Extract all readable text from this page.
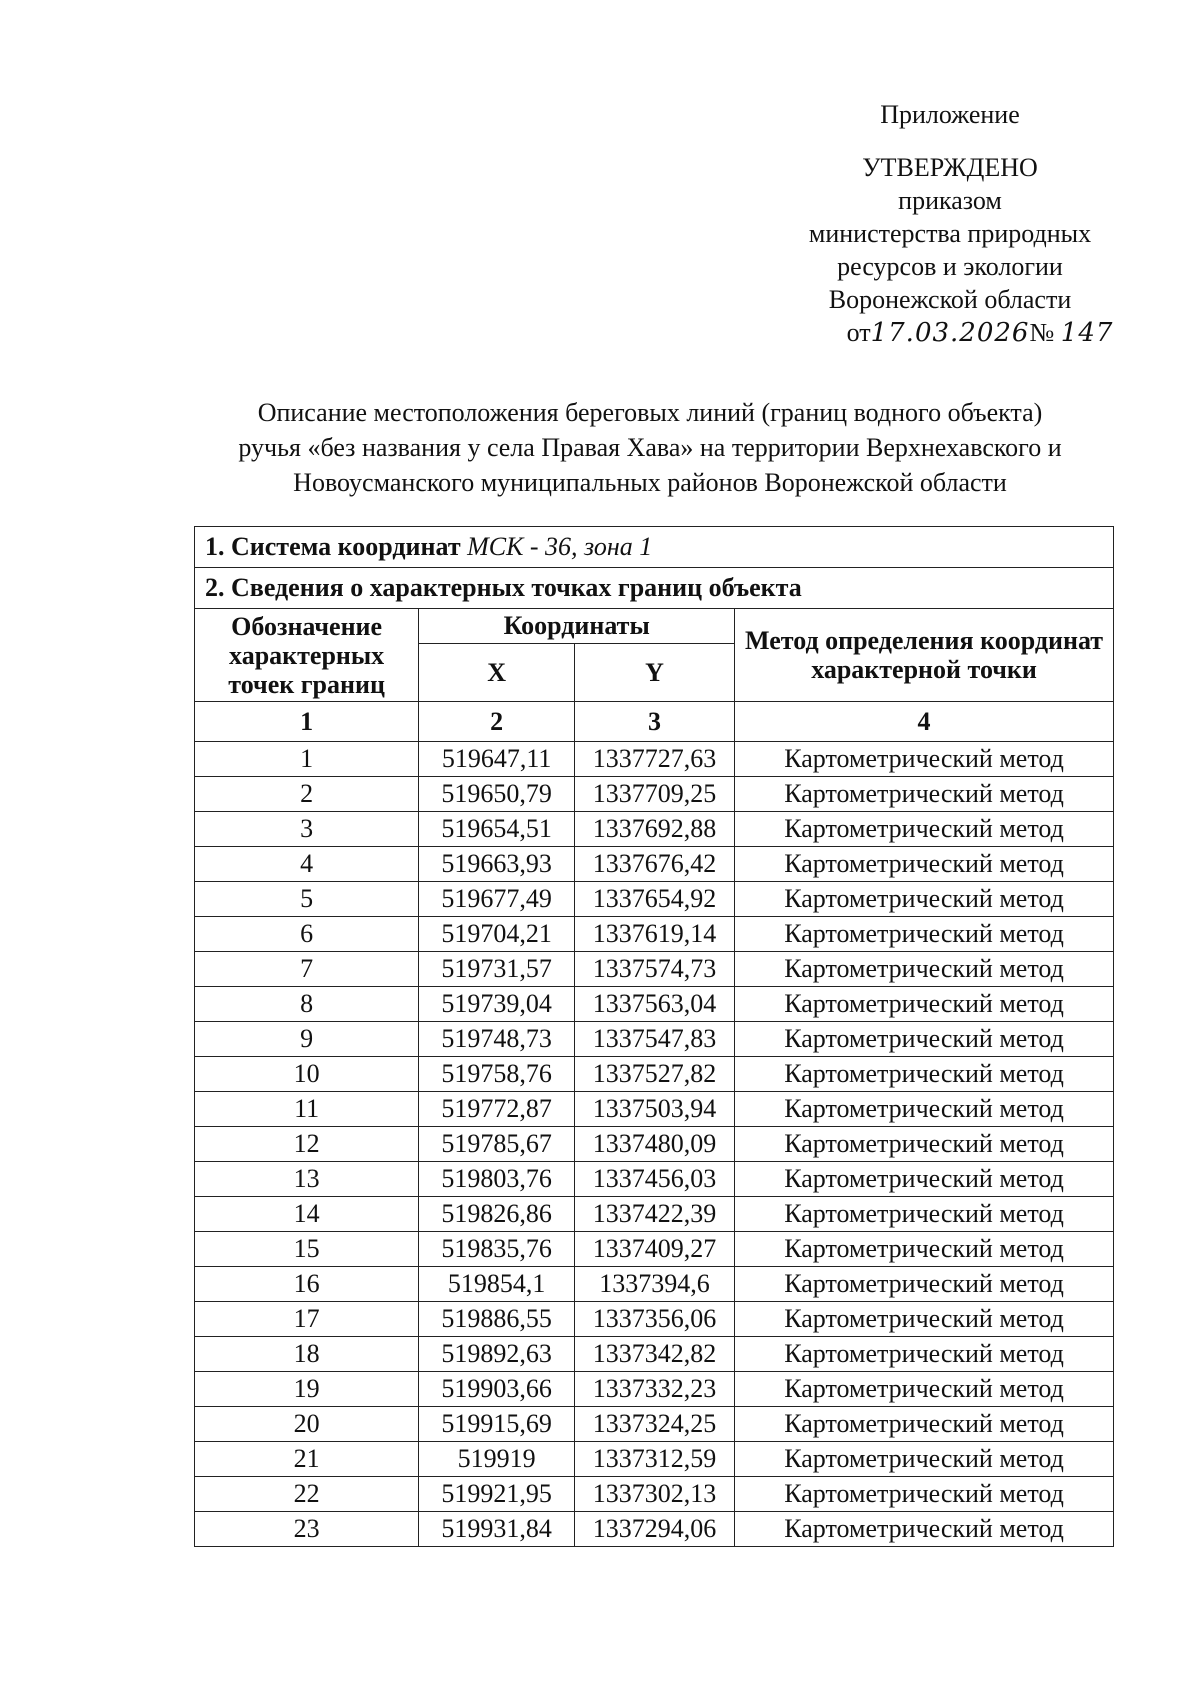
Приложение
УТВЕРЖДЕНО
приказом
министерства природных
ресурсов и экологии
Воронежской области
от17.03.2026№ 147
Описание местоположения береговых линий (границ водного объекта)
ручья «без названия у села Правая Хава» на территории Верхнехавского и
Новоусманского муниципальных районов Воронежской области
1. Система координат МСК - 36, зона 1			
2. Сведения о характерных точках границ объекта			
Обозначение характерных точек границ	Координаты		Метод определения координат характерной точки
	X	Y	
1	2	3	4
1	519647,11	1337727,63	Картометрический метод
2	519650,79	1337709,25	Картометрический метод
3	519654,51	1337692,88	Картометрический метод
4	519663,93	1337676,42	Картометрический метод
5	519677,49	1337654,92	Картометрический метод
6	519704,21	1337619,14	Картометрический метод
7	519731,57	1337574,73	Картометрический метод
8	519739,04	1337563,04	Картометрический метод
9	519748,73	1337547,83	Картометрический метод
10	519758,76	1337527,82	Картометрический метод
11	519772,87	1337503,94	Картометрический метод
12	519785,67	1337480,09	Картометрический метод
13	519803,76	1337456,03	Картометрический метод
14	519826,86	1337422,39	Картометрический метод
15	519835,76	1337409,27	Картометрический метод
16	519854,1	1337394,6	Картометрический метод
17	519886,55	1337356,06	Картометрический метод
18	519892,63	1337342,82	Картометрический метод
19	519903,66	1337332,23	Картометрический метод
20	519915,69	1337324,25	Картометрический метод
21	519919	1337312,59	Картометрический метод
22	519921,95	1337302,13	Картометрический метод
23	519931,84	1337294,06	Картометрический метод
